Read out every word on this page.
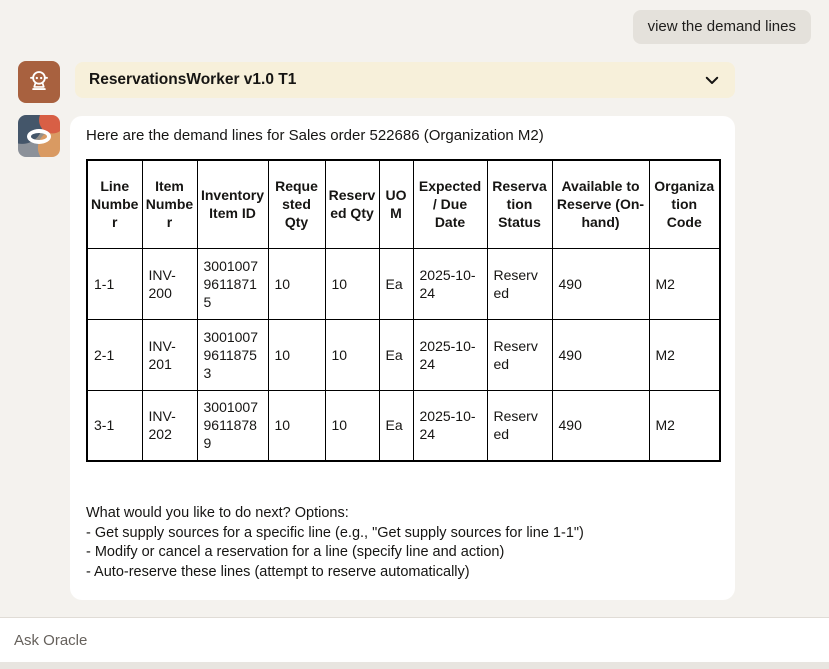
view the demand lines
ReservationsWorker v1.0 T1
Here are the demand lines for Sales order 522686 (Organization M2)
Line Number	Item Number	Inventory Item ID	Requested Qty	Reserved Qty	UOM	Expected / Due Date	Reservation Status	Available to Reserve (On-hand)	Organization Code
1-1	INV-200	300100796118715	10	10	Ea	2025-10-24	Reserved	490	M2
2-1	INV-201	300100796118753	10	10	Ea	2025-10-24	Reserved	490	M2
3-1	INV-202	300100796118789	10	10	Ea	2025-10-24	Reserved	490	M2
What would you like to do next? Options:
- Get supply sources for a specific line (e.g., "Get supply sources for line 1-1")
- Modify or cancel a reservation for a line (specify line and action)
- Auto-reserve these lines (attempt to reserve automatically)
Ask Oracle
